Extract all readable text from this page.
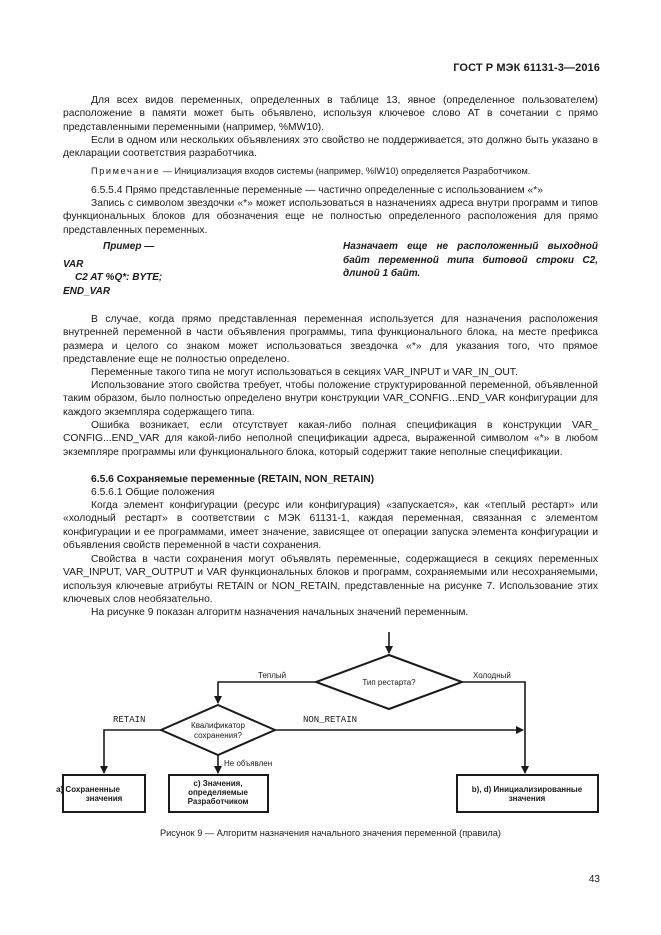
ГОСТ Р МЭК 61131-3—2016
Для всех видов переменных, определенных в таблице 13, явное (определенное пользователем) расположение в памяти может быть объявлено, используя ключевое слово AT в сочетании с прямо представленными переменными (например, %MW10).
Если в одном или нескольких объявлениях это свойство не поддерживается, это должно быть указано в декларации соответствия разработчика.
Примечание — Инициализация входов системы (например, %IW10) определяется Разработчиком.
6.5.5.4 Прямо представленные переменные — частично определенные с использованием «*»
Запись с символом звездочки «*» может использоваться в назначениях адреса внутри программ и типов функциональных блоков для обозначения еще не полностью определенного расположения для прямо представленных переменных.
Пример —
VAR
C2 AT %Q*: BYTE;
END_VAR
Назначает еще не расположенный выходной байт переменной типа битовой строки C2, длиной 1 байт.
В случае, когда прямо представленная переменная используется для назначения расположения внутренней переменной в части объявления программы, типа функционального блока, на месте префикса размера и целого со знаком может использоваться звездочка «*» для указания того, что прямое представление еще не полностью определено.
Переменные такого типа не могут использоваться в секциях VAR_INPUT и VAR_IN_OUT.
Использование этого свойства требует, чтобы положение структурированной переменной, объявленной таким образом, было полностью определено внутри конструкции VAR_CONFIG...END_VAR конфигурации для каждого экземпляра содержащего типа.
Ошибка возникает, если отсутствует какая-либо полная спецификация в конструкции VAR_ CONFIG...END_VAR для какой-либо неполной спецификации адреса, выраженной символом «*» в любом экземпляре программы или функционального блока, который содержит такие неполные спецификации.
6.5.6 Сохраняемые переменные (RETAIN, NON_RETAIN)
6.5.6.1 Общие положения
Когда элемент конфигурации (ресурс или конфигурация) «запускается», как «теплый рестарт» или «холодный рестарт» в соответствии с МЭК 61131-1, каждая переменная, связанная с элементом конфигурации и ее программами, имеет значение, зависящее от операции запуска элемента конфигурации и объявления свойств переменной в части сохранения.
Свойства в части сохранения могут объявлять переменные, содержащиеся в секциях переменных VAR_INPUT, VAR_OUTPUT и VAR функциональных блоков и программ, сохраняемыми или несохраняемыми, используя ключевые атрибуты RETAIN or NON_RETAIN, представленные на рисунке 7. Использование этих ключевых слов необязательно.
На рисунке 9 показан алгоритм назначения начальных значений переменным.
Тип рестарта?
Теплый	Холодный
Квалификатор
сохранения?
Не объявлен
а) Сохраненные
значения
с) Значения,
определяемые
Разработчиком
b), d) Инициализированные
значения
RETAIN	NON_RETAIN
Рисунок 9 — Алгоритм назначения начального значения переменной (правила)
43
